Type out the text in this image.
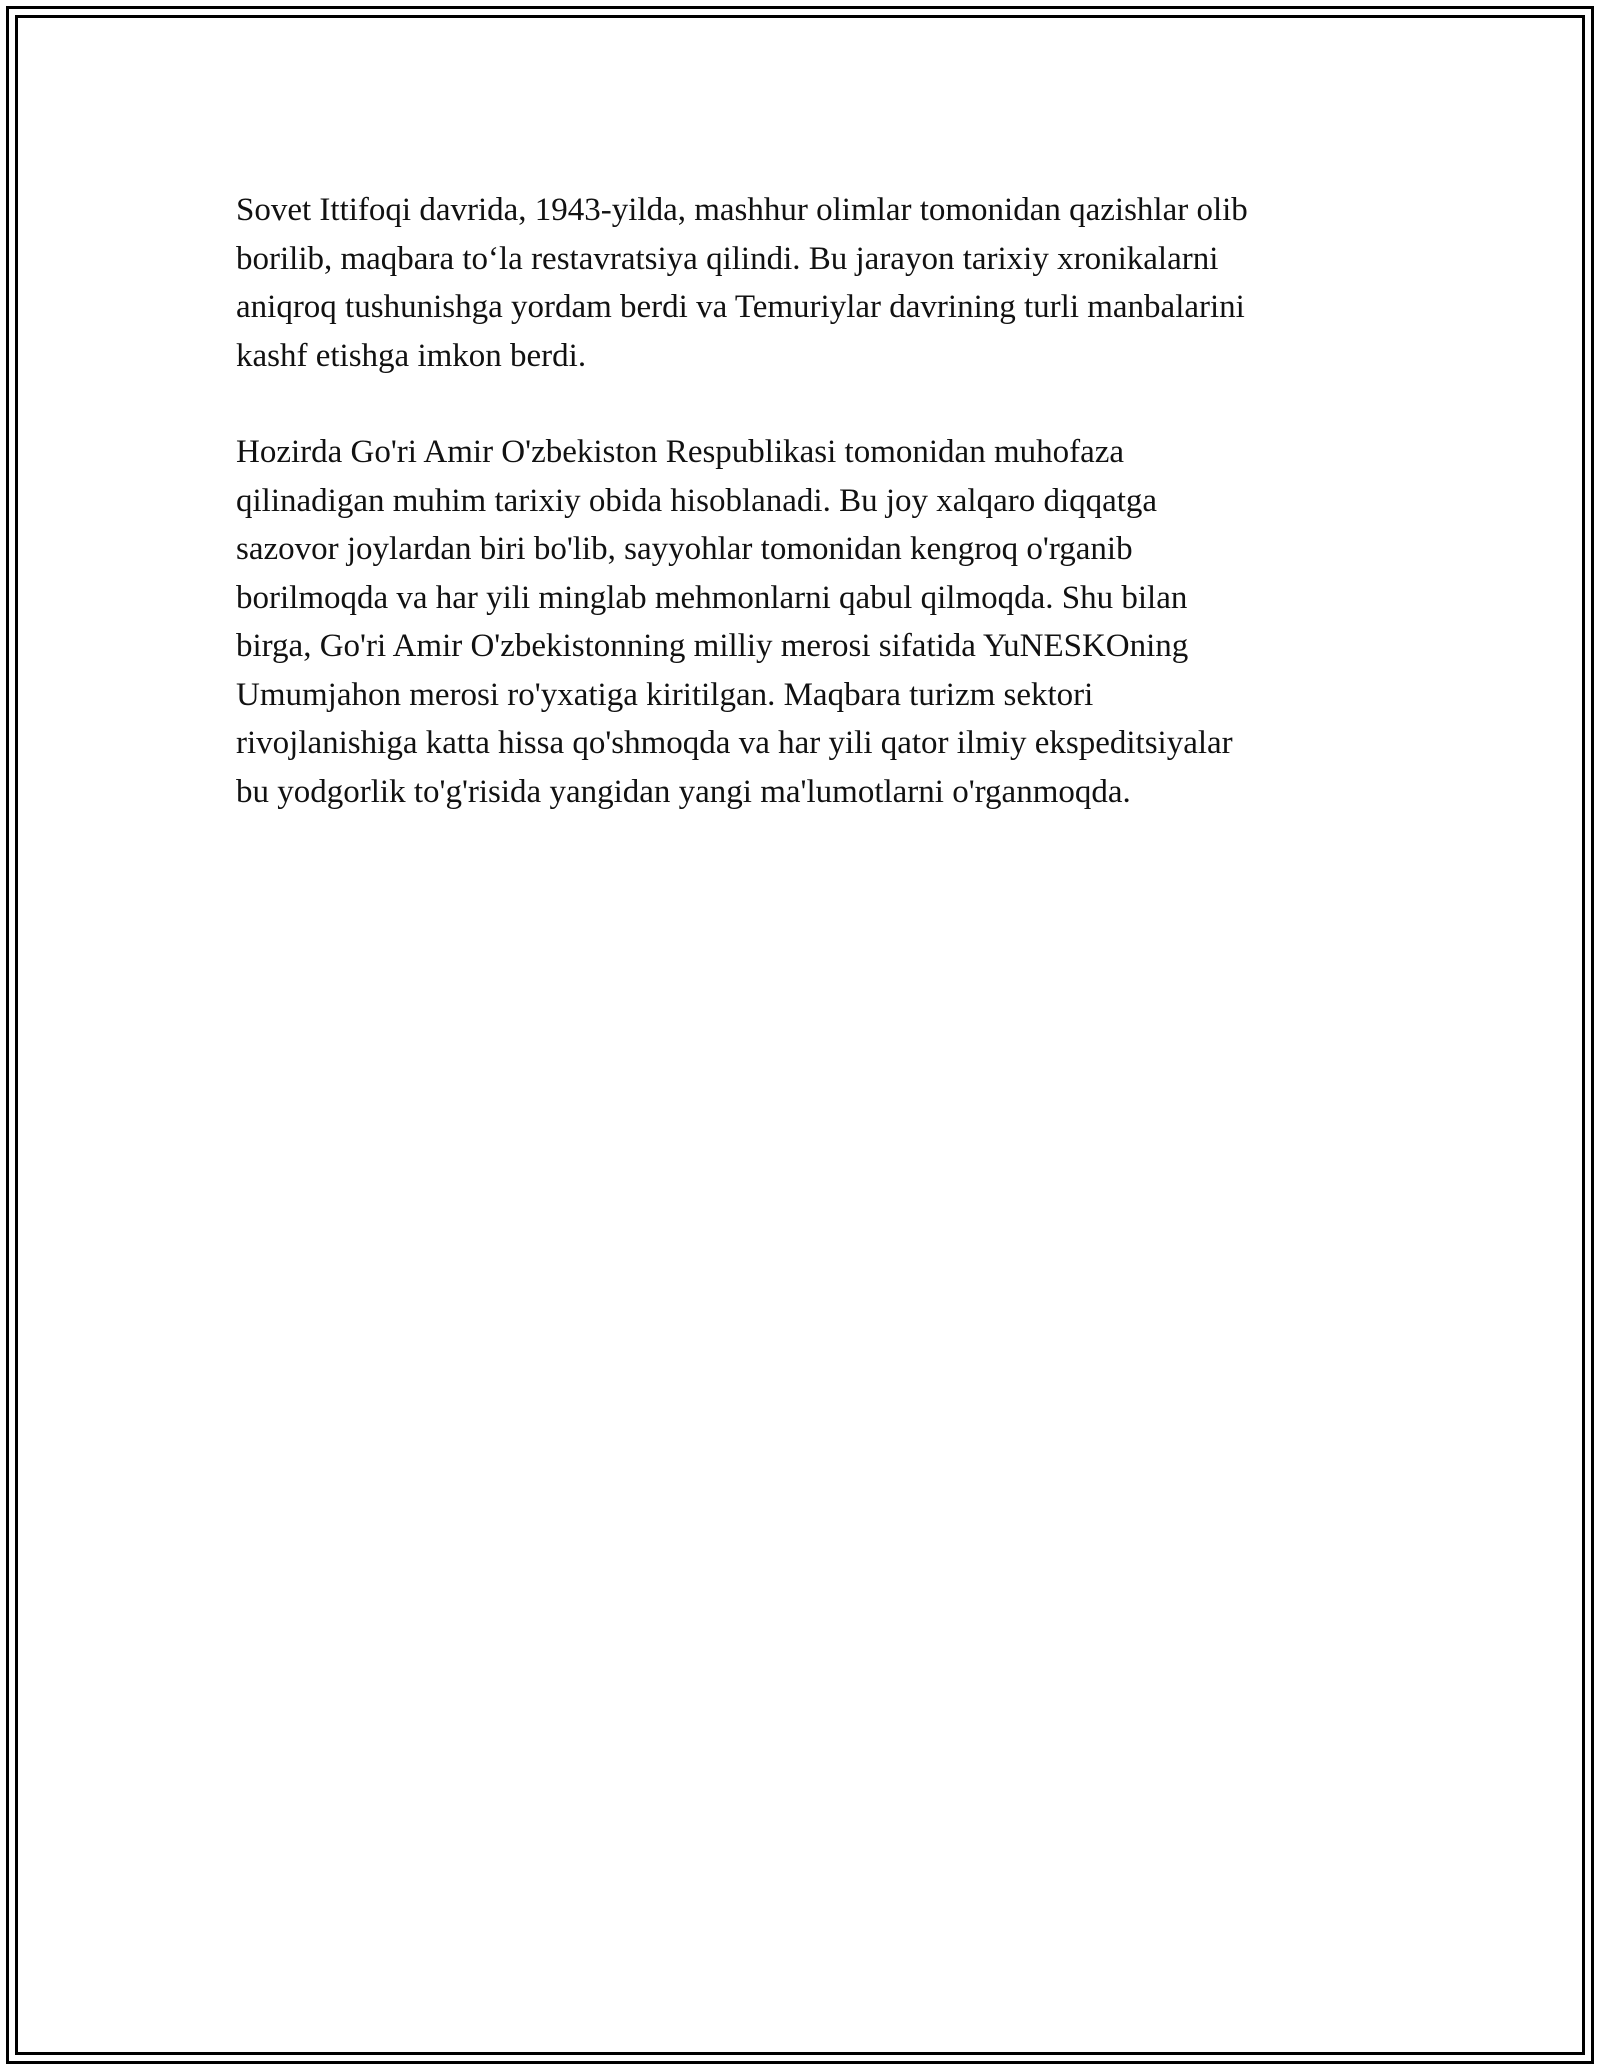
Sovet Ittifoqi davrida, 1943-yilda, mashhur olimlar tomonidan qazishlar olib
borilib, maqbara to‘la restavratsiya qilindi. Bu jarayon tarixiy xronikalarni
aniqroq tushunishga yordam berdi va Temuriylar davrining turli manbalarini
kashf etishga imkon berdi.

Hozirda Go'ri Amir O'zbekiston Respublikasi tomonidan muhofaza
qilinadigan muhim tarixiy obida hisoblanadi. Bu joy xalqaro diqqatga
sazovor joylardan biri bo'lib, sayyohlar tomonidan kengroq o'rganib
borilmoqda va har yili minglab mehmonlarni qabul qilmoqda. Shu bilan
birga, Go'ri Amir O'zbekistonning milliy merosi sifatida YuNESKOning
Umumjahon merosi ro'yxatiga kiritilgan. Maqbara turizm sektori
rivojlanishiga katta hissa qo'shmoqda va har yili qator ilmiy ekspeditsiyalar
bu yodgorlik to'g'risida yangidan yangi ma'lumotlarni o'rganmoqda.
